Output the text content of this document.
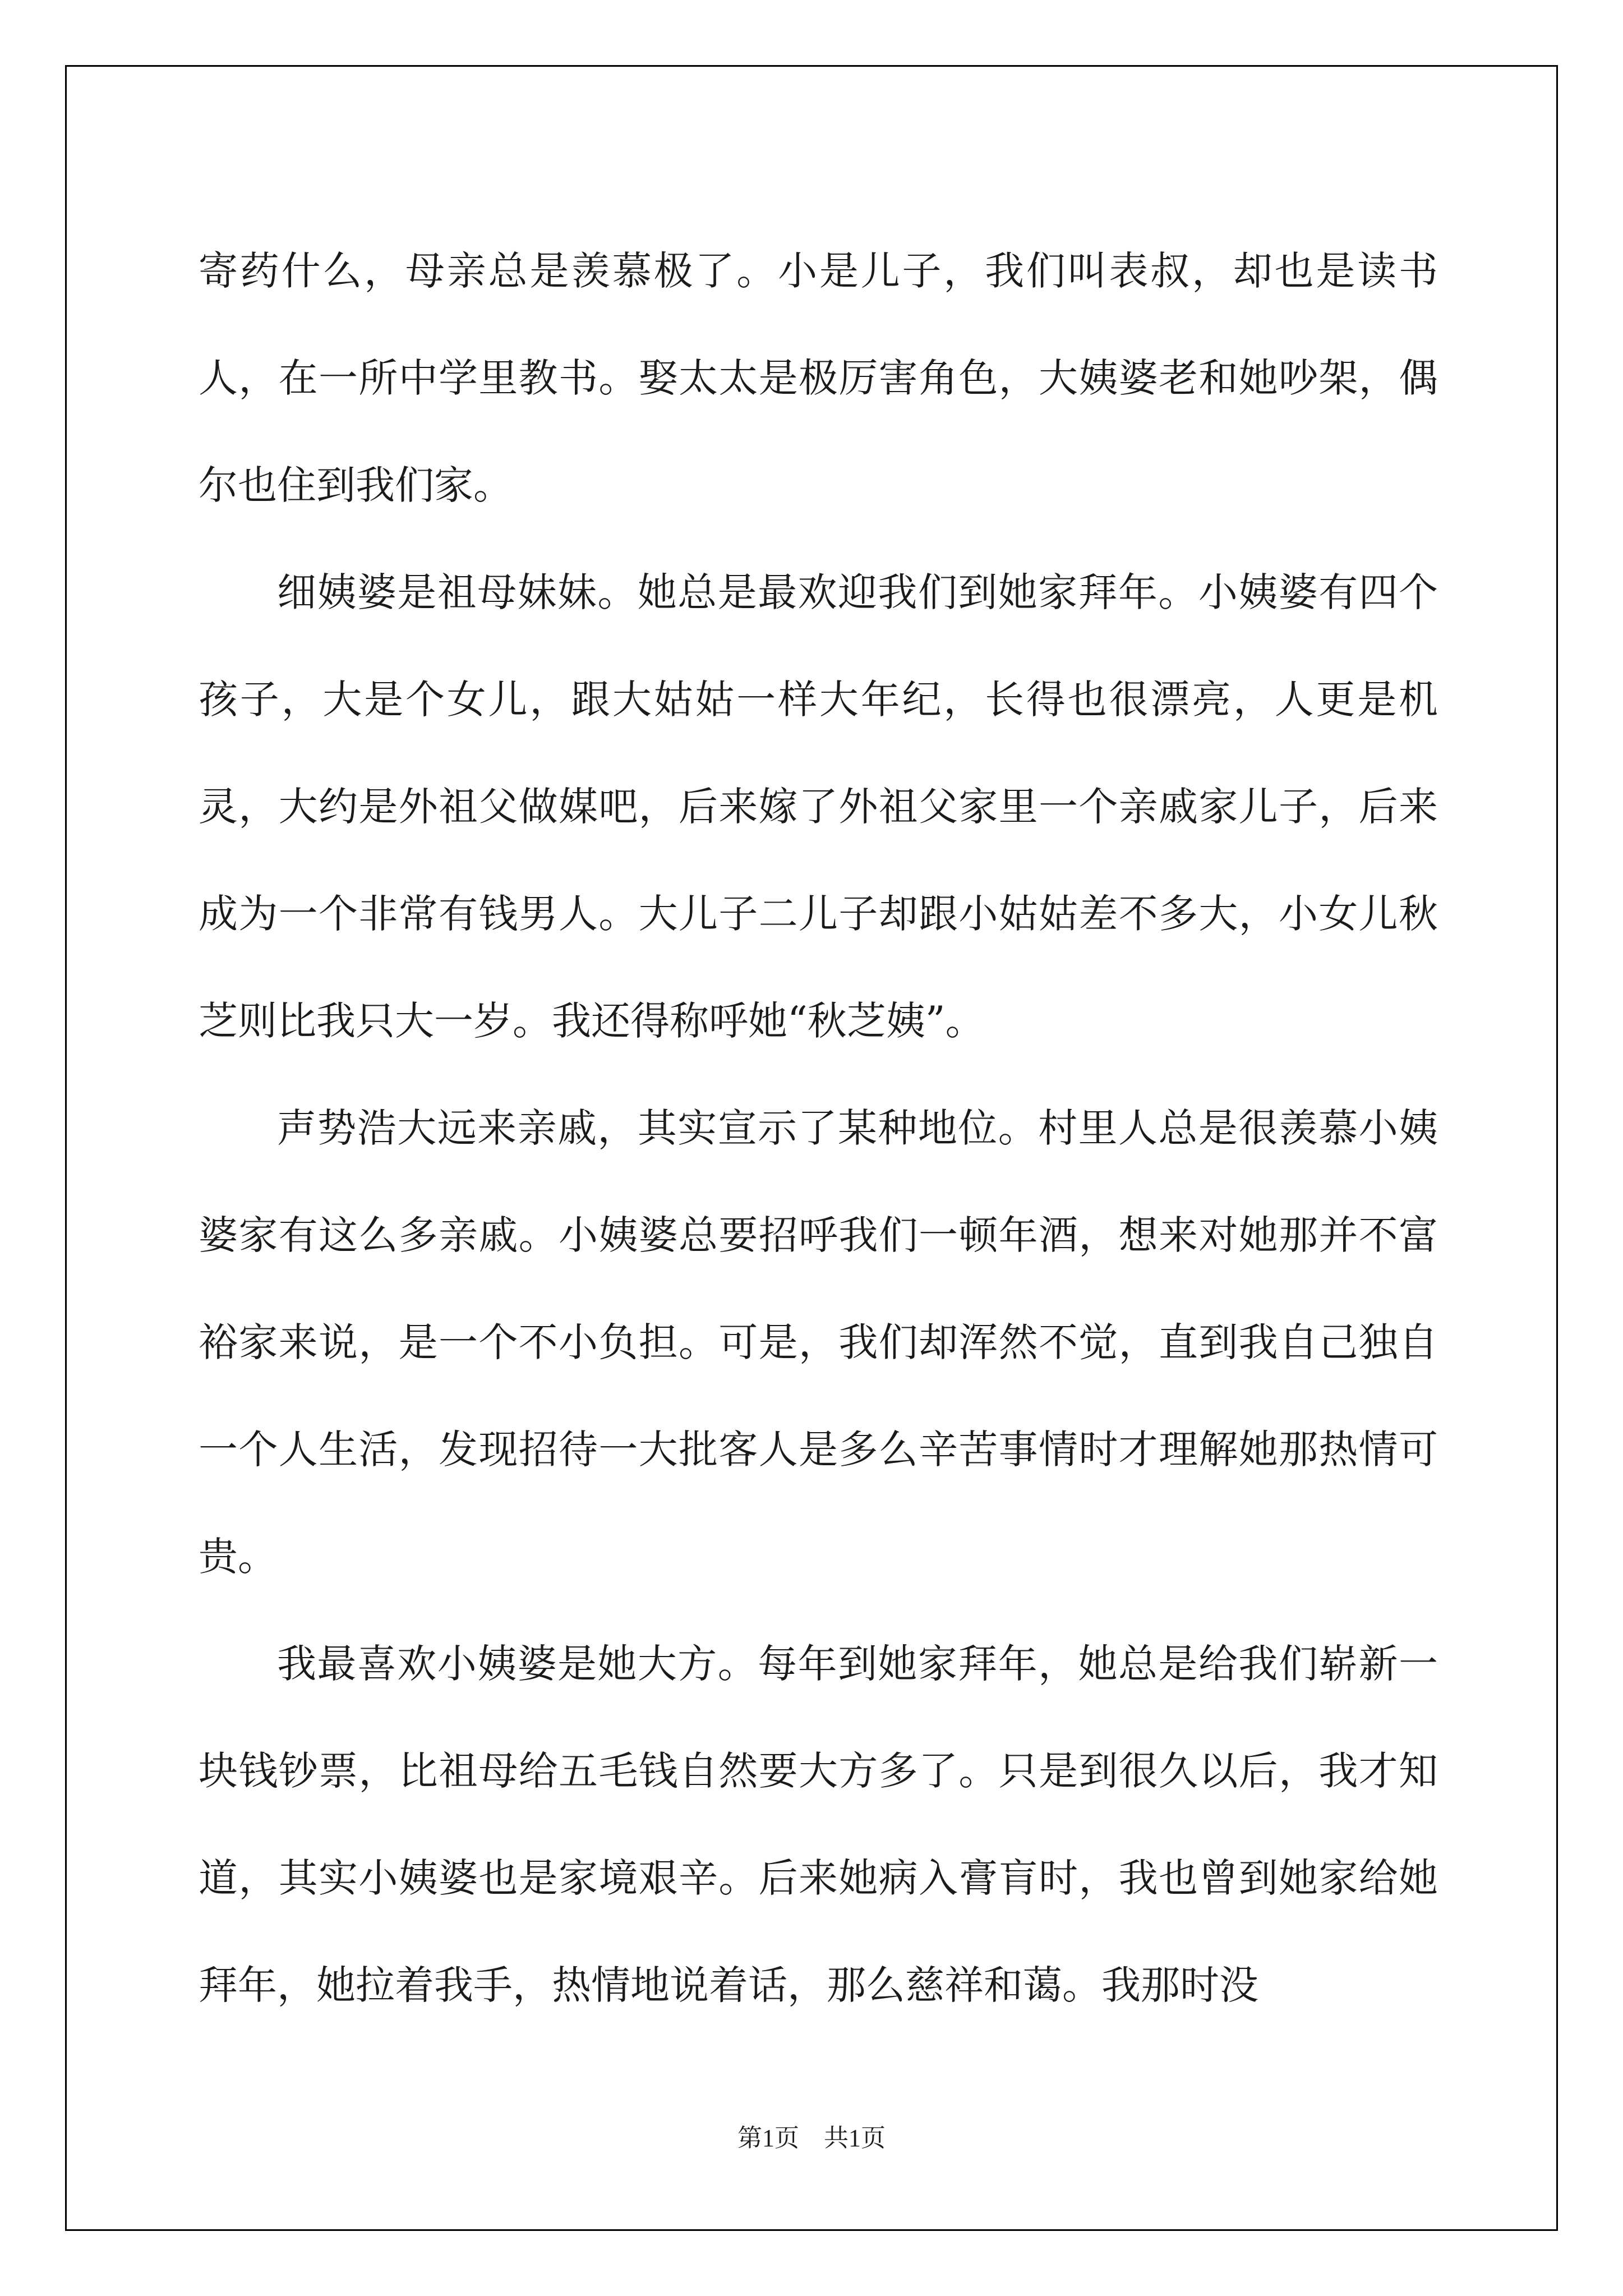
寄药什么，母亲总是羡慕极了。小是儿子，我们叫表叔，却也是读书人，在一所中学里教书。娶太太是极厉害角色，大姨婆老和她吵架，偶尔也住到我们家。

细姨婆是祖母妹妹。她总是最欢迎我们到她家拜年。小姨婆有四个孩子，大是个女儿，跟大姑姑一样大年纪，长得也很漂亮，人更是机灵，大约是外祖父做媒吧，后来嫁了外祖父家里一个亲戚家儿子，后来成为一个非常有钱男人。大儿子二儿子却跟小姑姑差不多大，小女儿秋芝则比我只大一岁。我还得称呼她“秋芝姨”。

声势浩大远来亲戚，其实宣示了某种地位。村里人总是很羡慕小姨婆家有这么多亲戚。小姨婆总要招呼我们一顿年酒，想来对她那并不富裕家来说，是一个不小负担。可是，我们却浑然不觉，直到我自己独自一个人生活，发现招待一大批客人是多么辛苦事情时才理解她那热情可贵。

我最喜欢小姨婆是她大方。每年到她家拜年，她总是给我们崭新一块钱钞票，比祖母给五毛钱自然要大方多了。只是到很久以后，我才知道，其实小姨婆也是家境艰辛。后来她病入膏肓时，我也曾到她家给她拜年，她拉着我手，热情地说着话，那么慈祥和蔼。我那时没

第1页　共1页
